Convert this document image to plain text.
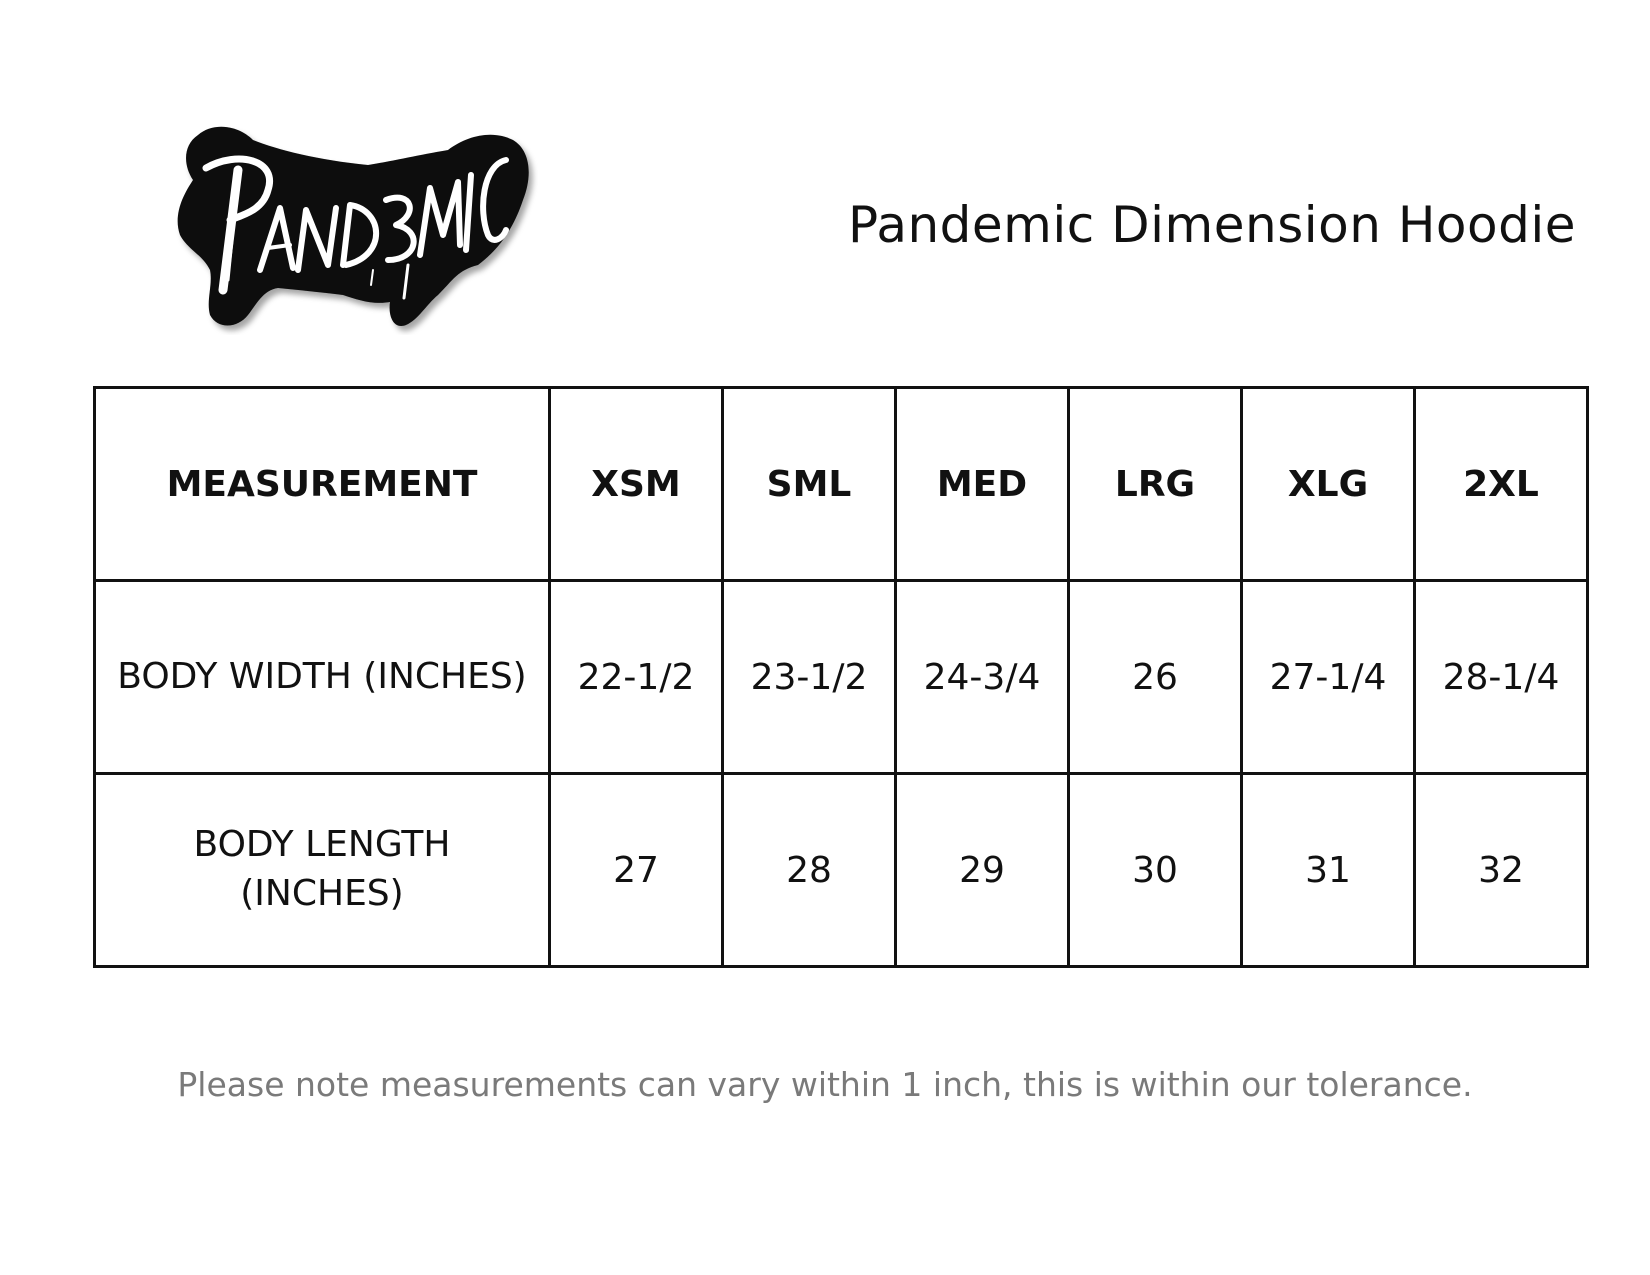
Pandemic Dimension Hoodie
MEASUREMENT	XSM	SML	MED	LRG	XLG	2XL
BODY WIDTH (INCHES)	22-1/2	23-1/2	24-3/4	26	27-1/4	28-1/4
BODY LENGTH (INCHES)	27	28	29	30	31	32

Please note measurements can vary within 1 inch, this is within our tolerance.
